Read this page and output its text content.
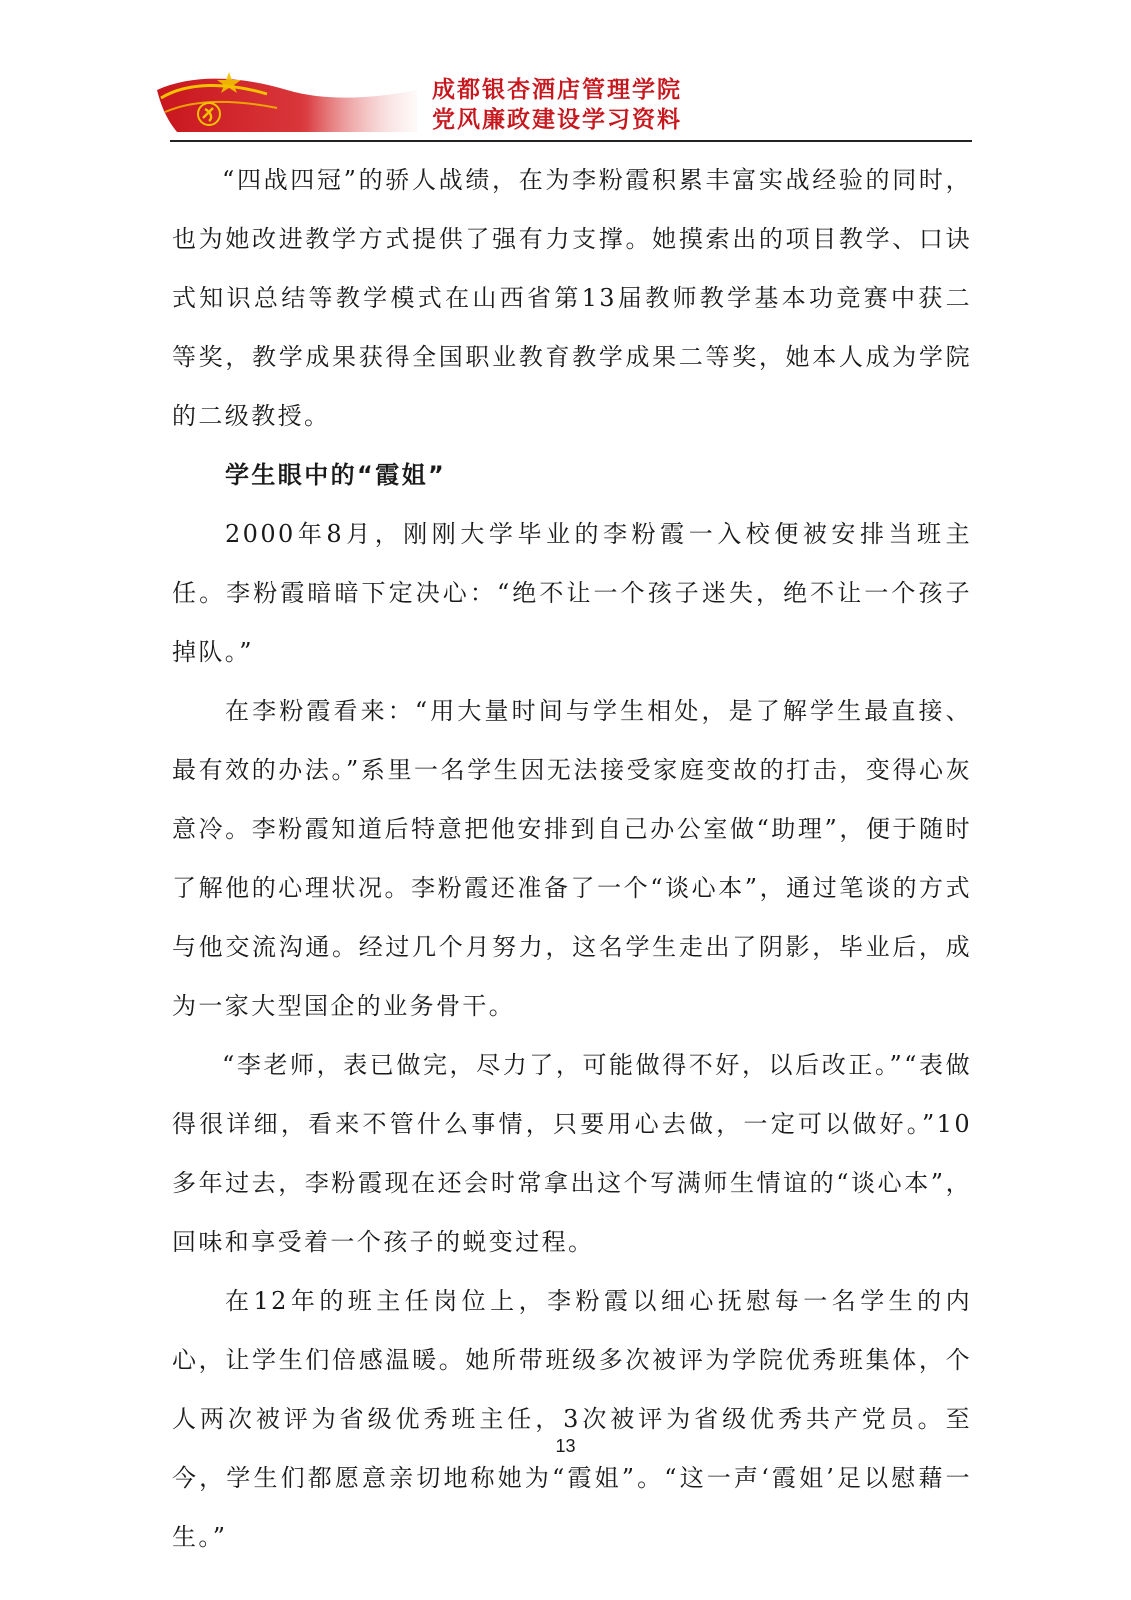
成都银杏酒店管理学院
党风廉政建设学习资料

“四战四冠”的骄人战绩，在为李粉霞积累丰富实战经验的同时，也为她改进教学方式提供了强有力支撑。她摸索出的项目教学、口诀式知识总结等教学模式在山西省第13届教师教学基本功竞赛中获二等奖，教学成果获得全国职业教育教学成果二等奖，她本人成为学院的二级教授。

学生眼中的“霞姐”

2000年8月，刚刚大学毕业的李粉霞一入校便被安排当班主任。李粉霞暗暗下定决心：“绝不让一个孩子迷失，绝不让一个孩子掉队。”

在李粉霞看来：“用大量时间与学生相处，是了解学生最直接、最有效的办法。”系里一名学生因无法接受家庭变故的打击，变得心灰意冷。李粉霞知道后特意把他安排到自己办公室做“助理”，便于随时了解他的心理状况。李粉霞还准备了一个“谈心本”，通过笔谈的方式与他交流沟通。经过几个月努力，这名学生走出了阴影，毕业后，成为一家大型国企的业务骨干。

“李老师，表已做完，尽力了，可能做得不好，以后改正。”“表做得很详细，看来不管什么事情，只要用心去做，一定可以做好。”10多年过去，李粉霞现在还会时常拿出这个写满师生情谊的“谈心本”，回味和享受着一个孩子的蜕变过程。

在12年的班主任岗位上，李粉霞以细心抚慰每一名学生的内心，让学生们倍感温暖。她所带班级多次被评为学院优秀班集体，个人两次被评为省级优秀班主任，3次被评为省级优秀共产党员。至今，学生们都愿意亲切地称她为“霞姐”。“这一声‘霞姐’足以慰藉一生。”

13
